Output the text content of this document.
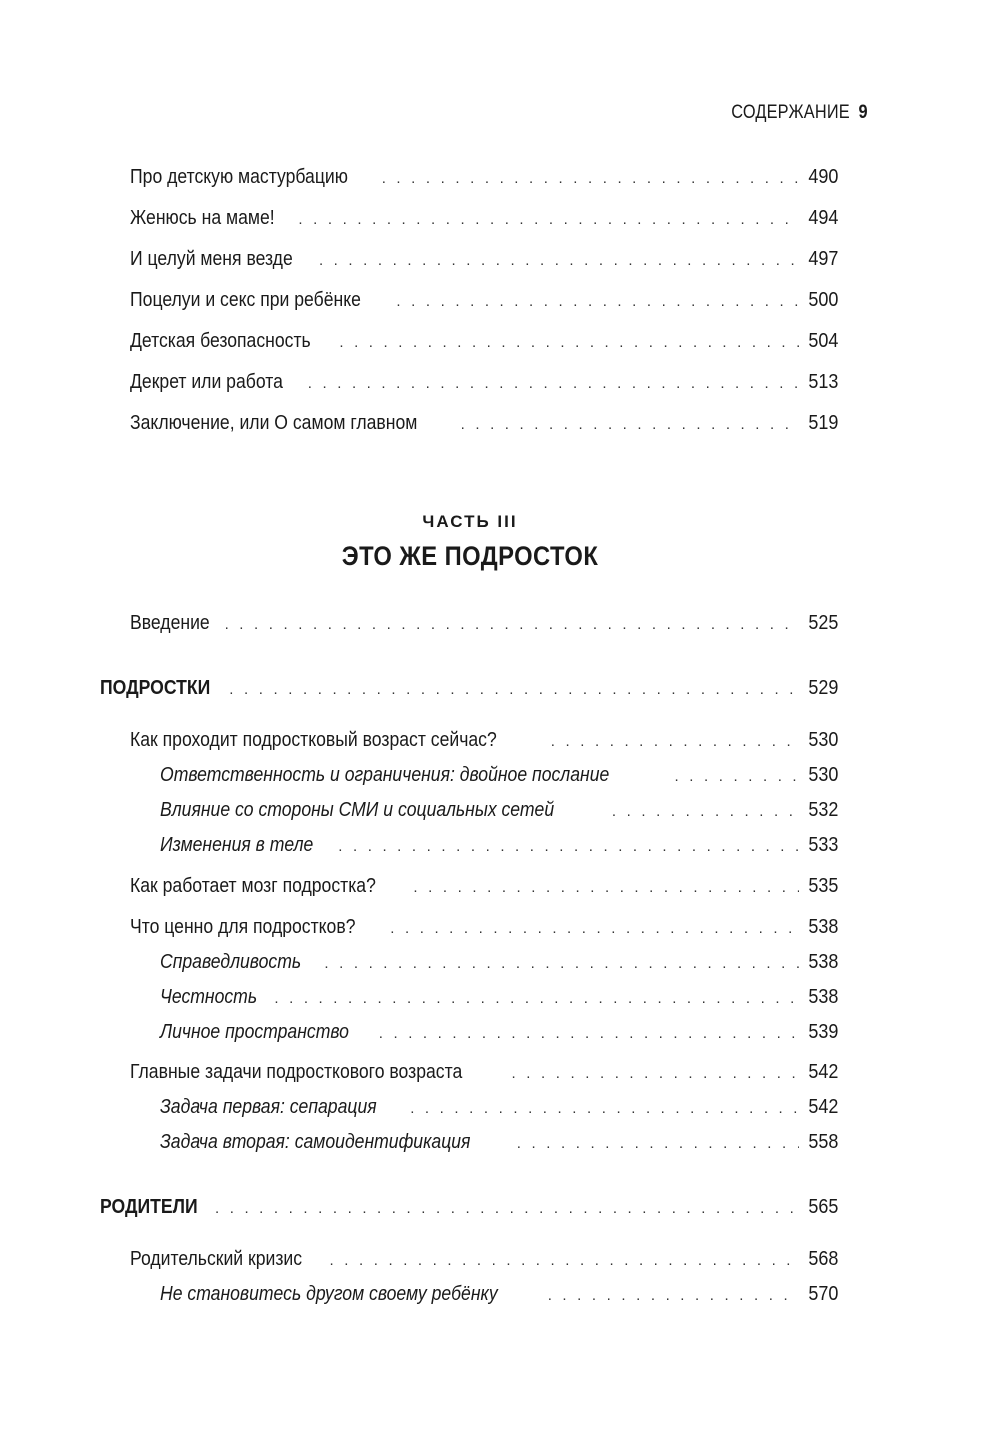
СОДЕРЖАНИЕ 9
ЧАСТЬ III
ЭТО ЖЕ ПОДРОСТОК
Про детскую мастурбацию . . .	490
Женюсь на маме! . . .	494
И целуй меня везде . . .	497
Поцелуи и секс при ребёнке . . .	500
Детская безопасность . . .	504
Декрет или работа . . .	513
Заключение, или О самом главном . . .	519
Введение . . .	525
ПОДРОСТКИ . . .	529
Как проходит подростковый возраст сейчас? . . .	530
Ответственность и ограничения: двойное послание . . .	530
Влияние со стороны СМИ и социальных сетей . . .	532
Изменения в теле . . .	533
Как работает мозг подростка? . . .	535
Что ценно для подростков? . . .	538
Справедливость . . .	538
Честность . . .	538
Личное пространство . . .	539
Главные задачи подросткового возраста . . .	542
Задача первая: сепарация . . .	542
Задача вторая: самоидентификация . . .	558
РОДИТЕЛИ . . .	565
Родительский кризис . . .	568
Не становитесь другом своему ребёнку . . .	570
